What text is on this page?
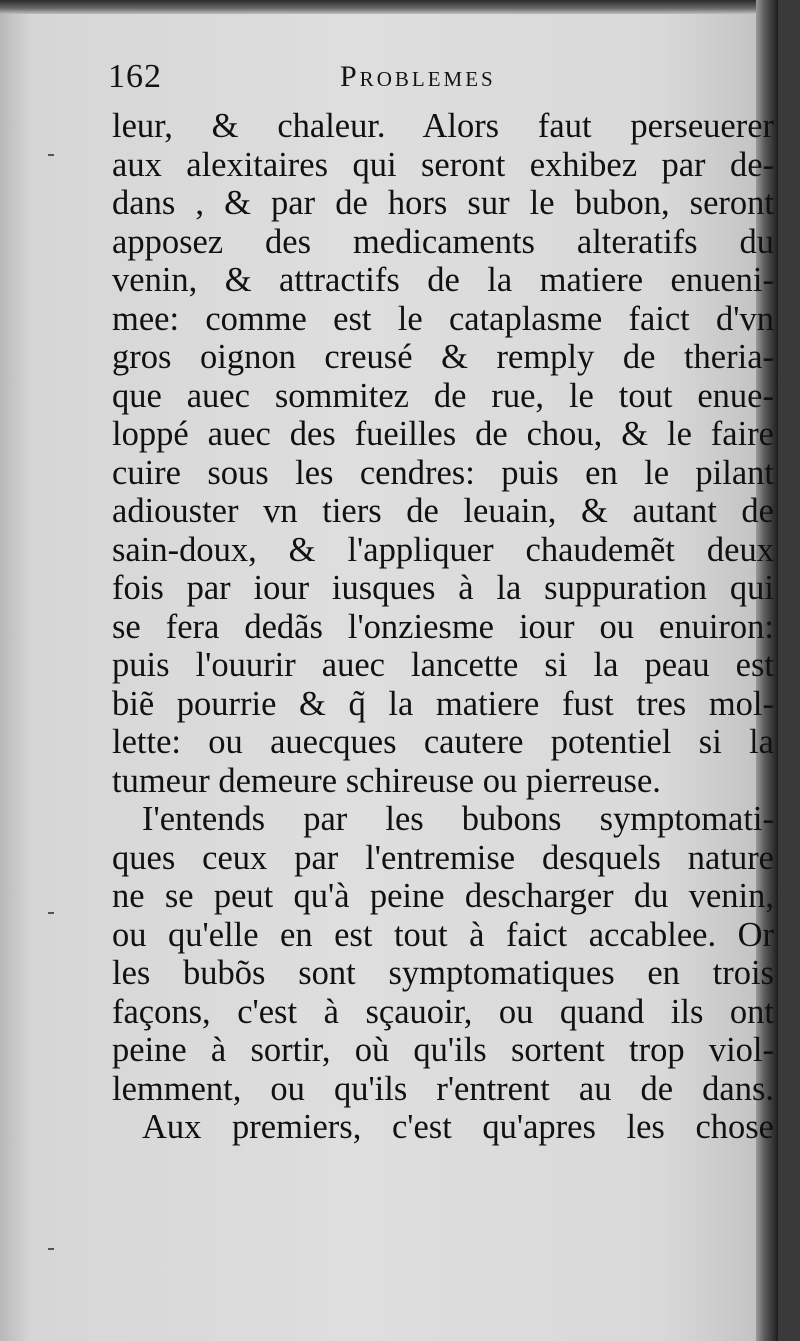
162	Problemes
leur, & chaleur. Alors faut perseuerer
aux alexitaires qui seront exhibez par de-
dans , & par de hors sur le bubon, seront
apposez des medicaments alteratifs du
venin, & attractifs de la matiere enueni-
mee: comme est le cataplasme faict d'vn
gros oignon creusé & remply de theria-
que auec sommitez de rue, le tout enue-
loppé auec des fueilles de chou, & le faire
cuire sous les cendres: puis en le pilant
adiouster vn tiers de leuain, & autant de
sain-doux, & l'appliquer chaudemẽt deux
fois par iour iusques à la suppuration qui
se fera dedãs l'onziesme iour ou enuiron:
puis l'ouurir auec lancette si la peau est
biẽ pourrie & q̃ la matiere fust tres mol-
lette: ou auecques cautere potentiel si la
tumeur demeure schireuse ou pierreuse.
I'entends par les bubons symptomati-
ques ceux par l'entremise desquels nature
ne se peut qu'à peine descharger du venin,
ou qu'elle en est tout à faict accablee. Or
les bubõs sont symptomatiques en trois
façons, c'est à sçauoir, ou quand ils ont
peine à sortir, où qu'ils sortent trop viol-
lemment, ou qu'ils r'entrent au de dans.
Aux premiers, c'est qu'apres les chose
